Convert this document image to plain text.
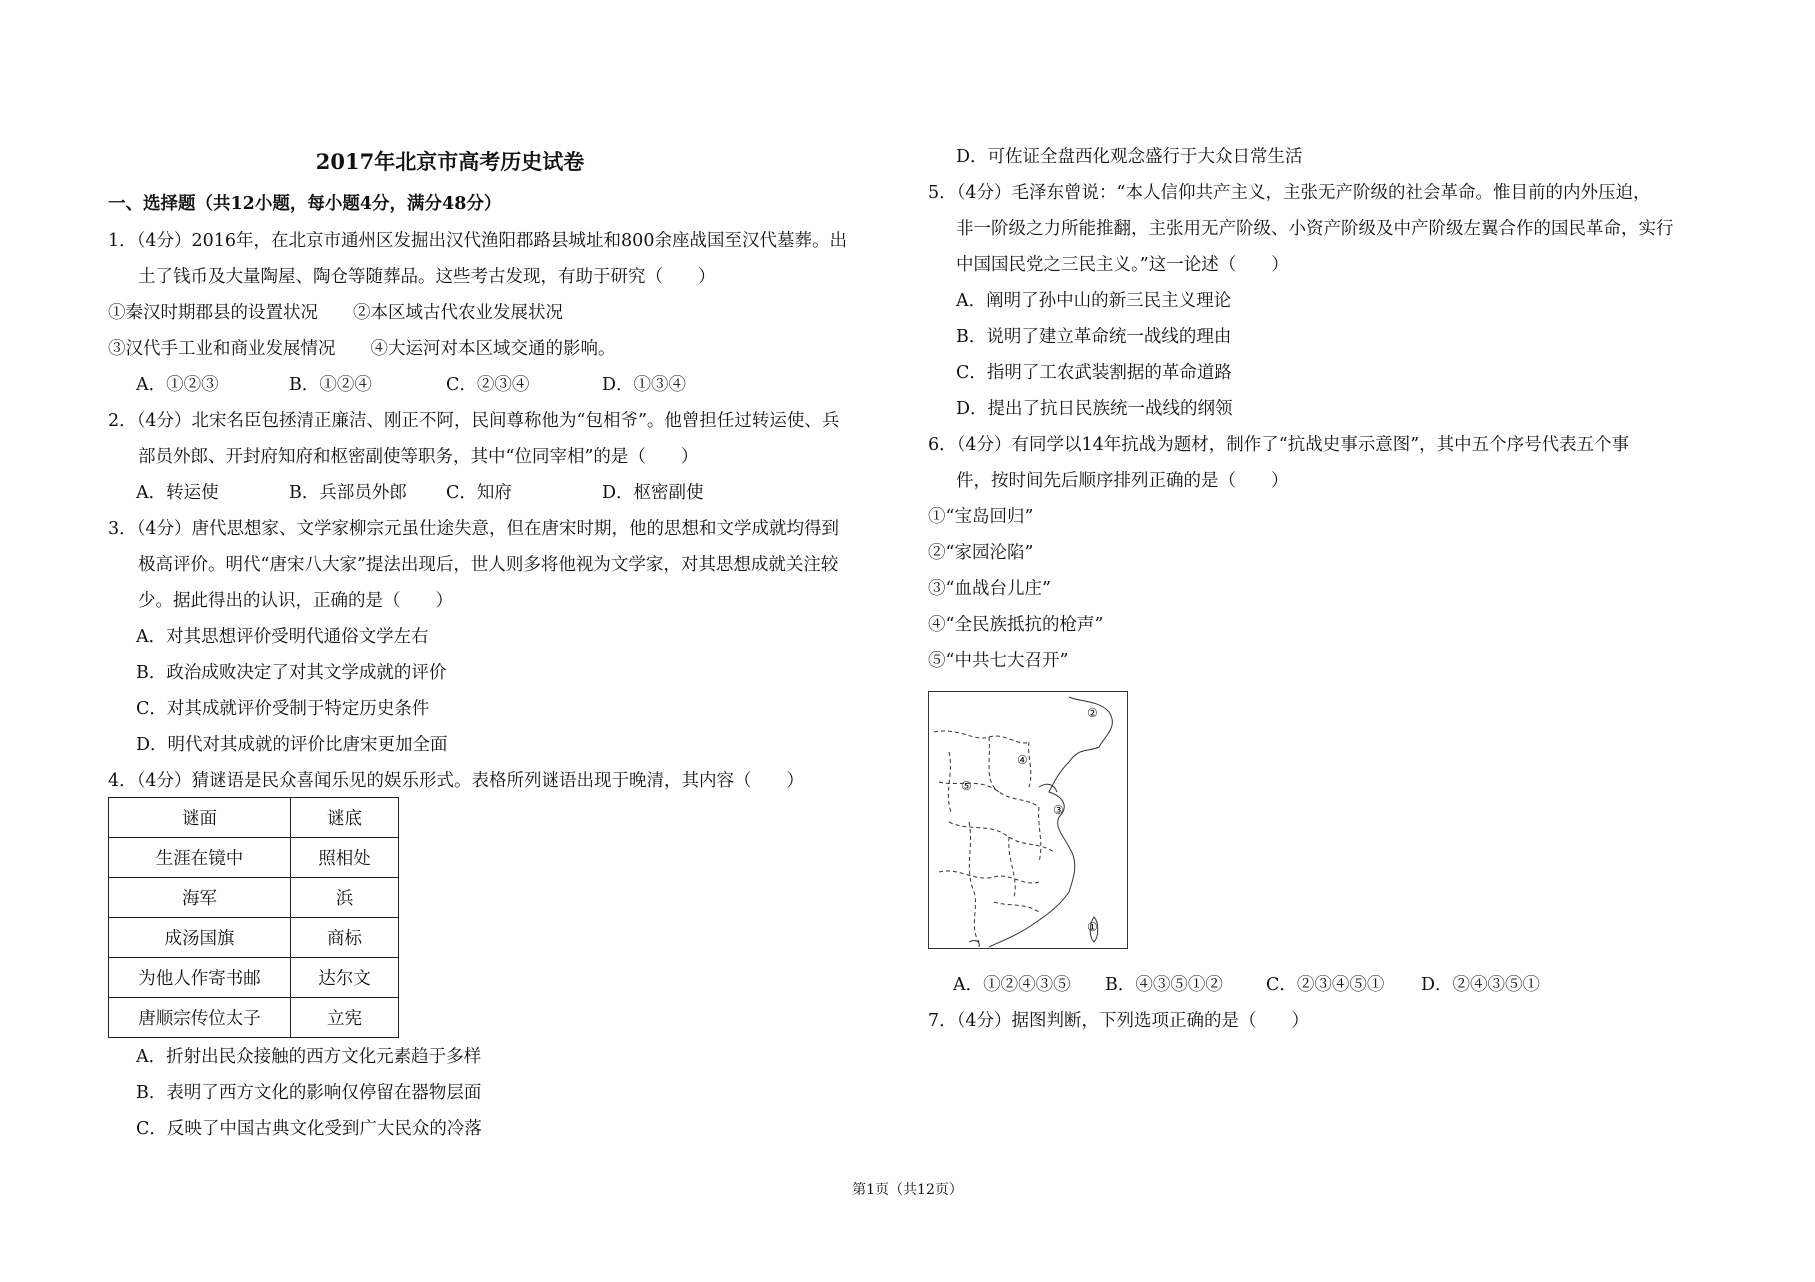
2017年北京市高考历史试卷
一、选择题（共12小题，每小题4分，满分48分）
1．（4分）2016年，在北京市通州区发掘出汉代渔阳郡路县城址和800余座战国至汉代墓葬。出
土了钱币及大量陶屋、陶仓等随葬品。这些考古发现，有助于研究（　　）
①秦汉时期郡县的设置状况　　②本区域古代农业发展状况
③汉代手工业和商业发展情况　　④大运河对本区域交通的影响。
A．①②③	B．①②④	C．②③④	D．①③④
2．（4分）北宋名臣包拯清正廉洁、刚正不阿，民间尊称他为“包相爷”。他曾担任过转运使、兵
部员外郎、开封府知府和枢密副使等职务，其中“位同宰相”的是（　　）
A．转运使	B．兵部员外郎 C．知府	D．枢密副使
3．（4分）唐代思想家、文学家柳宗元虽仕途失意，但在唐宋时期，他的思想和文学成就均得到
极高评价。明代“唐宋八大家”提法出现后，世人则多将他视为文学家，对其思想成就关注较
少。据此得出的认识，正确的是（　　）
A．对其思想评价受明代通俗文学左右
B．政治成败决定了对其文学成就的评价
C．对其成就评价受制于特定历史条件
D．明代对其成就的评价比唐宋更加全面
4．（4分）猜谜语是民众喜闻乐见的娱乐形式。表格所列谜语出现于晚清，其内容（　　）
谜面	谜底
生涯在镜中	照相处
海军	浜
成汤国旗	商标
为他人作寄书邮	达尔文
唐顺宗传位太子	立宪
A．折射出民众接触的西方文化元素趋于多样
B．表明了西方文化的影响仅停留在器物层面
C．反映了中国古典文化受到广大民众的冷落
D．可佐证全盘西化观念盛行于大众日常生活
5．（4分）毛泽东曾说：“本人信仰共产主义，主张无产阶级的社会革命。惟目前的内外压迫，
非一阶级之力所能推翻，主张用无产阶级、小资产阶级及中产阶级左翼合作的国民革命，实行
中国国民党之三民主义。”这一论述（　　）
A．阐明了孙中山的新三民主义理论
B．说明了建立革命统一战线的理由
C．指明了工农武装割据的革命道路
D．提出了抗日民族统一战线的纲领
6．（4分）有同学以14年抗战为题材，制作了“抗战史事示意图”，其中五个序号代表五个事
件，按时间先后顺序排列正确的是（　　）
①“宝岛回归”
②“家园沦陷”
③“血战台儿庄”
④“全民族抵抗的枪声”
⑤“中共七大召开”
②
④
⑤
③
①
A．①②④③⑤ B．④③⑤①② C．②③④⑤① D．②④③⑤①
7．（4分）据图判断，下列选项正确的是（　　）
第1页（共12页）
